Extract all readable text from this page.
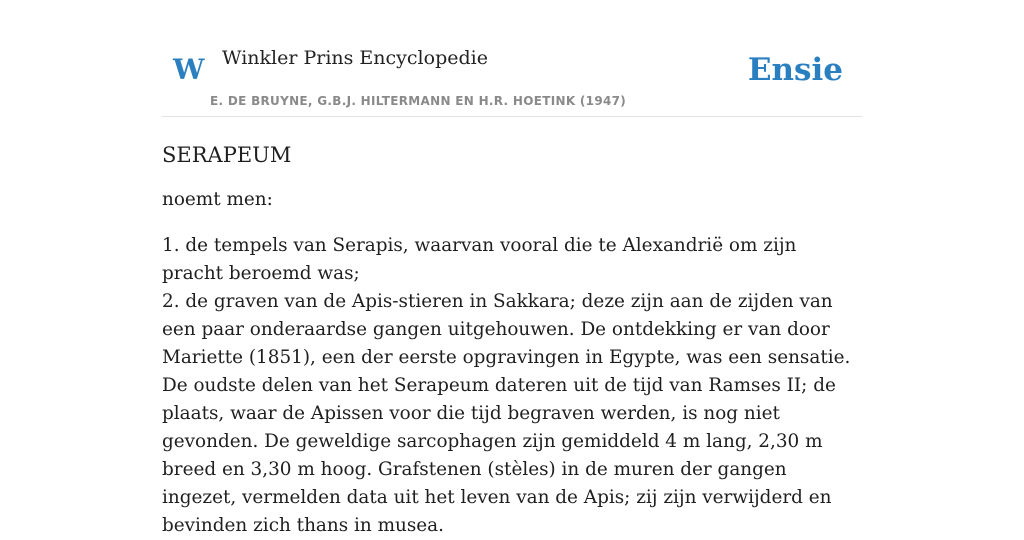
W Winkler Prins Encyclopedie
E. DE BRUYNE, G.B.J. HILTERMANN EN H.R. HOETINK (1947)
Ensie
SERAPEUM

noemt men:

1. de tempels van Serapis, waarvan vooral die te Alexandrië om zijn pracht beroemd was;
2. de graven van de Apis-stieren in Sakkara; deze zijn aan de zijden van een paar onderaardse gangen uitgehouwen. De ontdekking er van door Mariette (1851), een der eerste opgravingen in Egypte, was een sensatie. De oudste delen van het Serapeum dateren uit de tijd van Ramses II; de plaats, waar de Apissen voor die tijd begraven werden, is nog niet gevonden. De geweldige sarcophagen zijn gemiddeld 4 m lang, 2,30 m breed en 3,30 m hoog. Grafstenen (stèles) in de muren der gangen ingezet, vermelden data uit het leven van de Apis; zij zijn verwijderd en bevinden zich thans in musea.
